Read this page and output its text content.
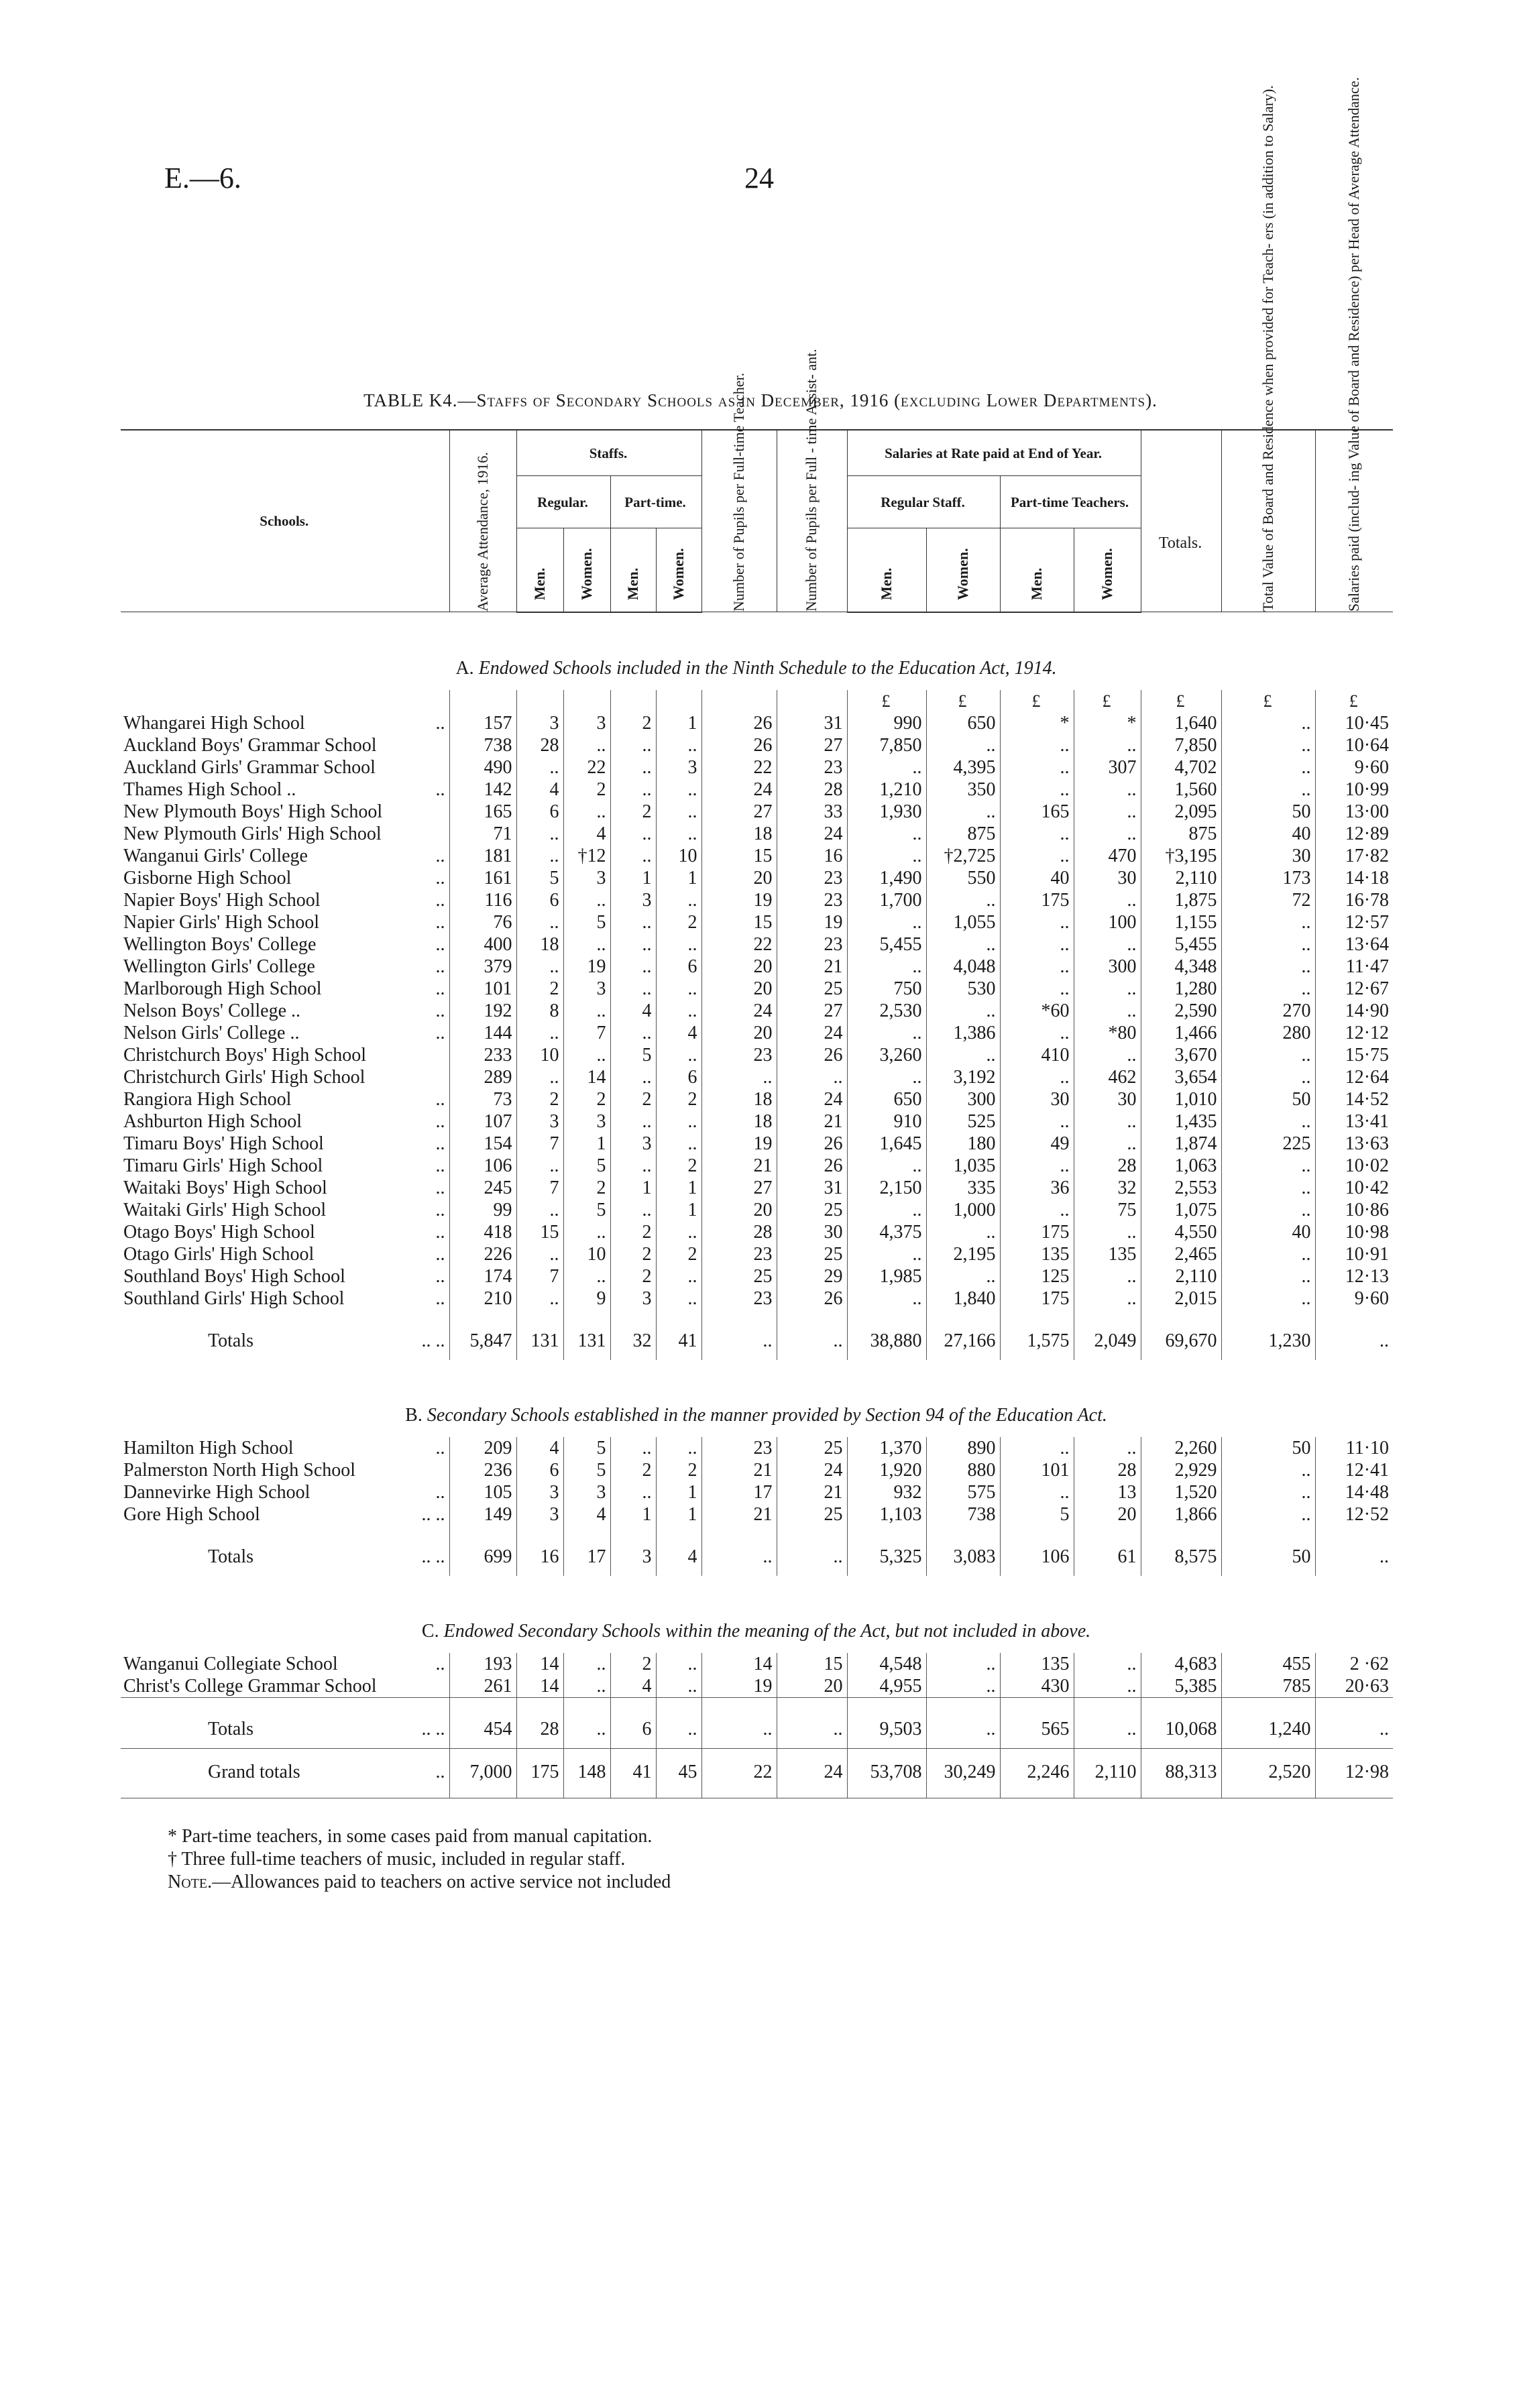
E.—6.	24
TABLE K4.—Staffs of Secondary Schools as in December, 1916 (excluding Lower Departments).
Schools.	Average Attendance, 1916.	Staffs.				Number of Pupils per Full-time Teacher.	Number of Pupils per Full - time Assist- ant.	Salaries at Rate paid at End of Year.				Totals.	Total Value of Board and Residence when provided for Teach- ers (in addition to Salary).	Salaries paid (includ- ing Value of Board and Residence) per Head of Average Attendance.

		Regular.		Part-time.				Regular Staff.		Part-time Teachers.				

		Men.	Women.	Men.	Women.			Men.	Women.	Men.	Women.			

A. Endowed Schools included in the Ninth Schedule to the Education Act, 1914.														
								£	£	£	£	£	£	£

Whangarei High School ..	157	3	3	2	1	26	31	990	650	*	*	1,640	..	10·45

Auckland Boys' Grammar School	738	28	..	..	..	26	27	7,850	..	..	..	7,850	..	10·64

Auckland Girls' Grammar School	490	..	22	..	3	22	23	..	4,395	..	307	4,702	..	9·60

Thames High School .. ..	142	4	2	..	..	24	28	1,210	350	..	..	1,560	..	10·99

New Plymouth Boys' High School	165	6	..	2	..	27	33	1,930	..	165	..	2,095	50	13·00

New Plymouth Girls' High School	71	..	4	..	..	18	24	..	875	..	..	875	40	12·89

Wanganui Girls' College ..	181	..	†12	..	10	15	16	..	†2,725	..	470	†3,195	30	17·82

Gisborne High School ..	161	5	3	1	1	20	23	1,490	550	40	30	2,110	173	14·18

Napier Boys' High School ..	116	6	..	3	..	19	23	1,700	..	175	..	1,875	72	16·78

Napier Girls' High School ..	76	..	5	..	2	15	19	..	1,055	..	100	1,155	..	12·57

Wellington Boys' College ..	400	18	..	..	..	22	23	5,455	..	..	..	5,455	..	13·64

Wellington Girls' College ..	379	..	19	..	6	20	21	..	4,048	..	300	4,348	..	11·47

Marlborough High School ..	101	2	3	..	..	20	25	750	530	..	..	1,280	..	12·67

Nelson Boys' College .. ..	192	8	..	4	..	24	27	2,530	..	*60	..	2,590	270	14·90

Nelson Girls' College .. ..	144	..	7	..	4	20	24	..	1,386	..	*80	1,466	280	12·12

Christchurch Boys' High School	233	10	..	5	..	23	26	3,260	..	410	..	3,670	..	15·75

Christchurch Girls' High School	289	..	14	..	6	..	..	..	3,192	..	462	3,654	..	12·64

Rangiora High School ..	73	2	2	2	2	18	24	650	300	30	30	1,010	50	14·52

Ashburton High School ..	107	3	3	..	..	18	21	910	525	..	..	1,435	..	13·41

Timaru Boys' High School ..	154	7	1	3	..	19	26	1,645	180	49	..	1,874	225	13·63

Timaru Girls' High School ..	106	..	5	..	2	21	26	..	1,035	..	28	1,063	..	10·02

Waitaki Boys' High School ..	245	7	2	1	1	27	31	2,150	335	36	32	2,553	..	10·42

Waitaki Girls' High School ..	99	..	5	..	1	20	25	..	1,000	..	75	1,075	..	10·86

Otago Boys' High School ..	418	15	..	2	..	28	30	4,375	..	175	..	4,550	40	10·98

Otago Girls' High School ..	226	..	10	2	2	23	25	..	2,195	135	135	2,465	..	10·91

Southland Boys' High School ..	174	7	..	2	..	25	29	1,985	..	125	..	2,110	..	12·13

Southland Girls' High School ..	210	..	9	3	..	23	26	..	1,840	175	..	2,015	..	9·60

Totals .. ..	5,847	131	131	32	41	..	..	38,880	27,166	1,575	2,049	69,670	1,230	..
B. Secondary Schools established in the manner provided by Section 94 of the Education Act.														

Hamilton High School ..	209	4	5	..	..	23	25	1,370	890	..	..	2,260	50	11·10

Palmerston North High School	236	6	5	2	2	21	24	1,920	880	101	28	2,929	..	12·41

Dannevirke High School ..	105	3	3	..	1	17	21	932	575	..	13	1,520	..	14·48

Gore High School .. ..	149	3	4	1	1	21	25	1,103	738	5	20	1,866	..	12·52

Totals .. ..	699	16	17	3	4	..	..	5,325	3,083	106	61	8,575	50	..
C. Endowed Secondary Schools within the meaning of the Act, but not included in above.														

Wanganui Collegiate School ..	193	14	..	2	..	14	15	4,548	..	135	..	4,683	455	2 ·62

Christ's College Grammar School	261	14	..	4	..	19	20	4,955	..	430	..	5,385	785	20·63

Totals .. ..	454	28	..	6	..	..	..	9,503	..	565	..	10,068	1,240	..

Grand totals ..	7,000	175	148	41	45	22	24	53,708	30,249	2,246	2,110	88,313	2,520	12·98
* Part-time teachers, in some cases paid from manual capitation.
† Three full-time teachers of music, included in regular staff.
Note.—Allowances paid to teachers on active service not included
